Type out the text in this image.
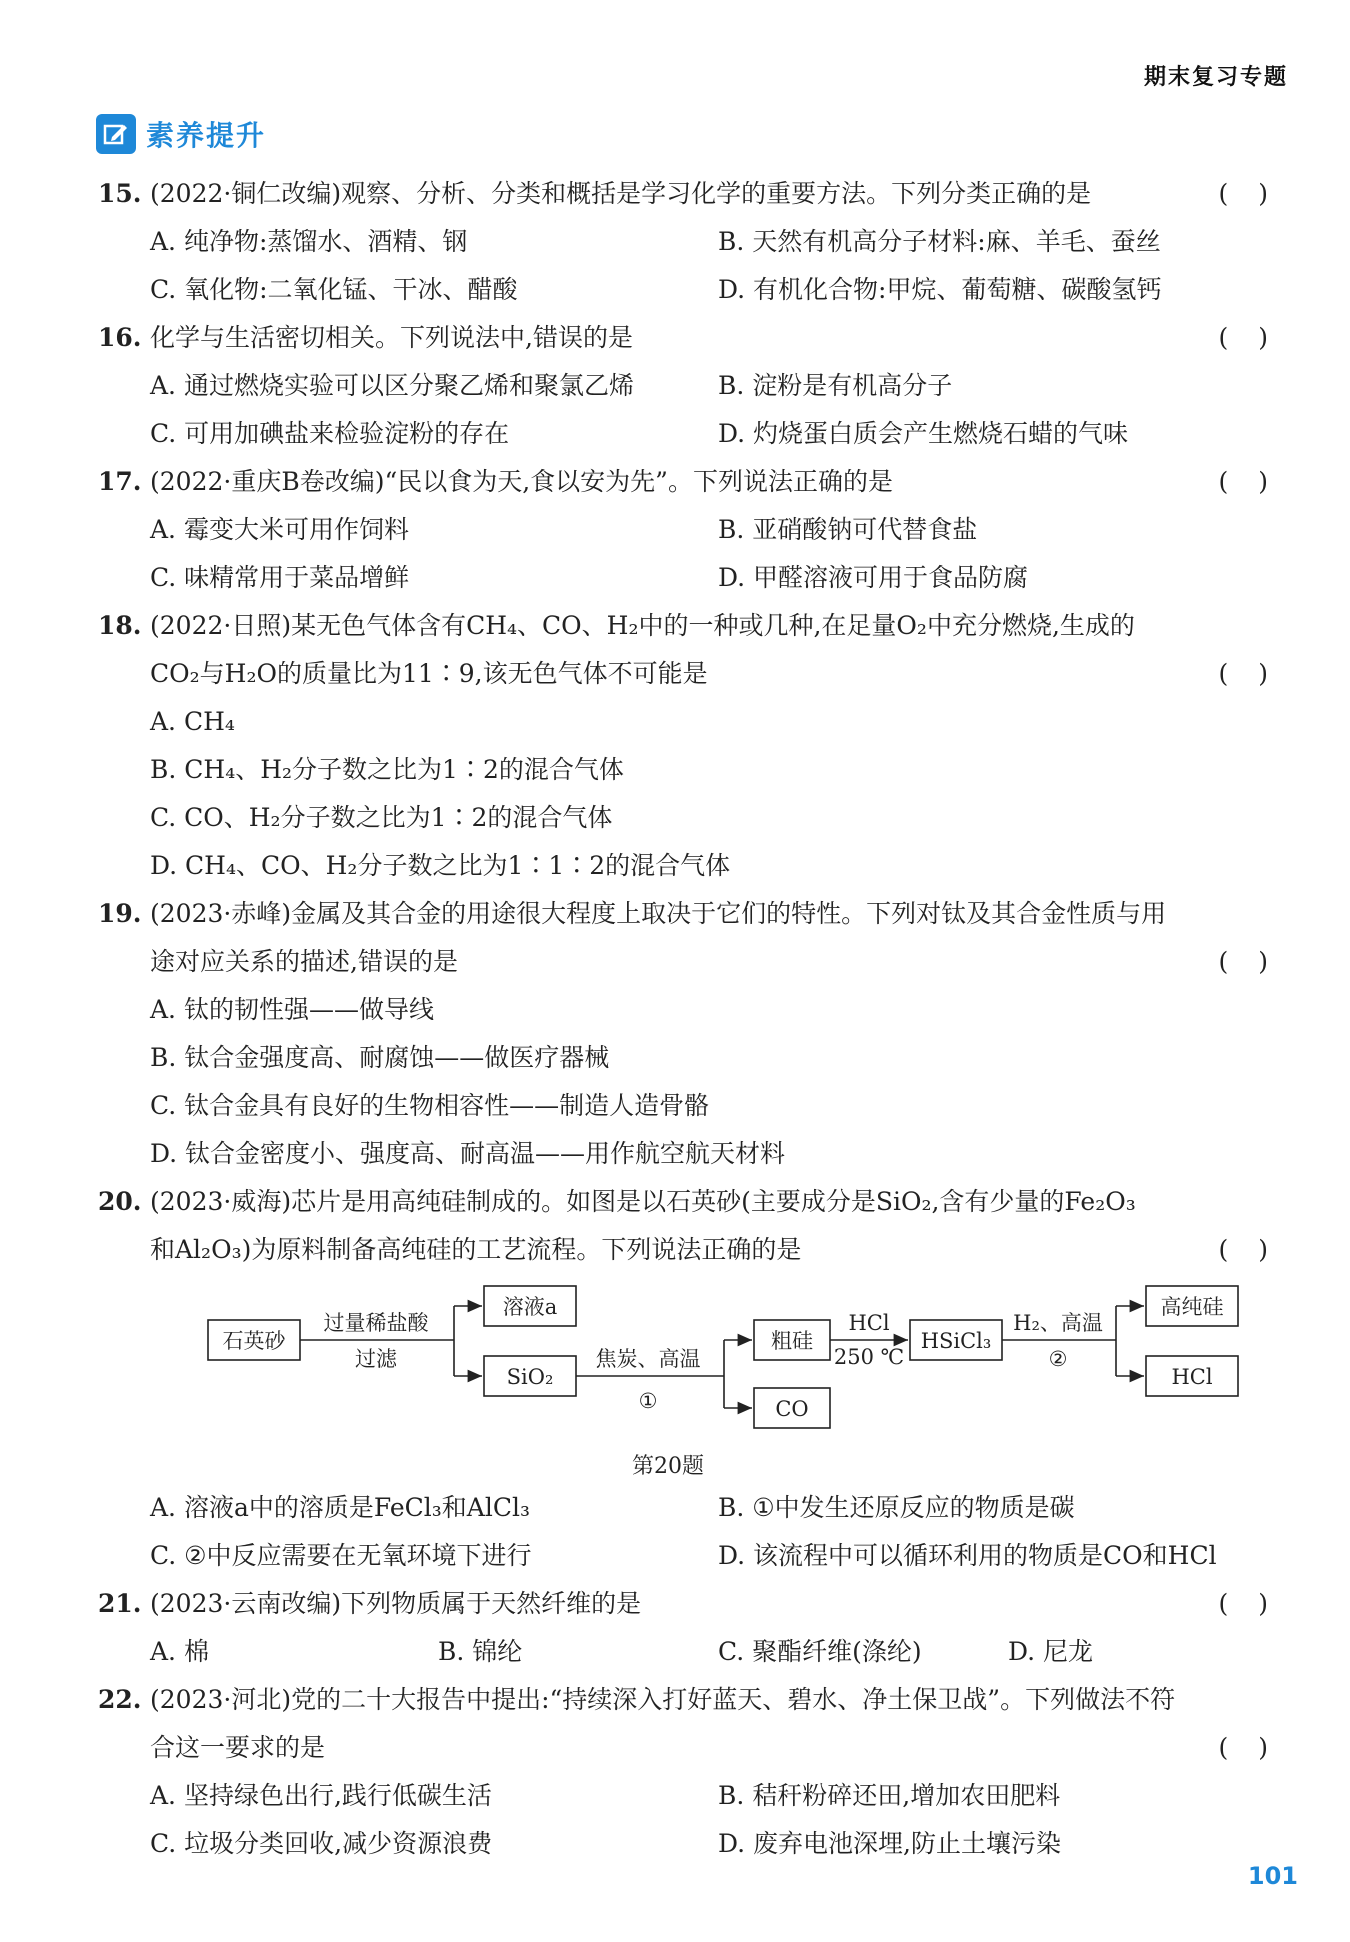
期末复习专题
素养提升
15. (2022·铜仁改编)观察、分析、分类和概括是学习化学的重要方法。下列分类正确的是	()
A. 纯净物:蒸馏水、酒精、钢	B. 天然有机高分子材料:麻、羊毛、蚕丝
C. 氧化物:二氧化锰、干冰、醋酸	D. 有机化合物:甲烷、葡萄糖、碳酸氢钙
16. 化学与生活密切相关。下列说法中,错误的是	()
A. 通过燃烧实验可以区分聚乙烯和聚氯乙烯	B. 淀粉是有机高分子
C. 可用加碘盐来检验淀粉的存在	D. 灼烧蛋白质会产生燃烧石蜡的气味
17. (2022·重庆B卷改编)“民以食为天,食以安为先”。下列说法正确的是	()
A. 霉变大米可用作饲料	B. 亚硝酸钠可代替食盐
C. 味精常用于菜品增鲜	D. 甲醛溶液可用于食品防腐
18. (2022·日照)某无色气体含有CH₄、CO、H₂中的一种或几种,在足量O₂中充分燃烧,生成的
CO₂与H₂O的质量比为11∶9,该无色气体不可能是	()
A. CH₄
B. CH₄、H₂分子数之比为1∶2的混合气体
C. CO、H₂分子数之比为1∶2的混合气体
D. CH₄、CO、H₂分子数之比为1∶1∶2的混合气体
19. (2023·赤峰)金属及其合金的用途很大程度上取决于它们的特性。下列对钛及其合金性质与用
途对应关系的描述,错误的是	()
A. 钛的韧性强——做导线
B. 钛合金强度高、耐腐蚀——做医疗器械
C. 钛合金具有良好的生物相容性——制造人造骨骼
D. 钛合金密度小、强度高、耐高温——用作航空航天材料
20. (2023·威海)芯片是用高纯硅制成的。如图是以石英砂(主要成分是SiO₂,含有少量的Fe₂O₃
和Al₂O₃)为原料制备高纯硅的工艺流程。下列说法正确的是	()
石英砂
过量稀盐酸
过滤
溶液a
SiO₂
焦炭、高温
①
粗硅
CO
HCl
250 ℃
HSiCl₃
H₂、高温
②
高纯硅
HCl
第20题
A. 溶液a中的溶质是FeCl₃和AlCl₃	B. ①中发生还原反应的物质是碳
C. ②中反应需要在无氧环境下进行	D. 该流程中可以循环利用的物质是CO和HCl
21. (2023·云南改编)下列物质属于天然纤维的是	()
A. 棉	B. 锦纶	C. 聚酯纤维(涤纶)	D. 尼龙
22. (2023·河北)党的二十大报告中提出:“持续深入打好蓝天、碧水、净土保卫战”。下列做法不符
合这一要求的是	()
A. 坚持绿色出行,践行低碳生活	B. 秸秆粉碎还田,增加农田肥料
C. 垃圾分类回收,减少资源浪费	D. 废弃电池深埋,防止土壤污染
101
